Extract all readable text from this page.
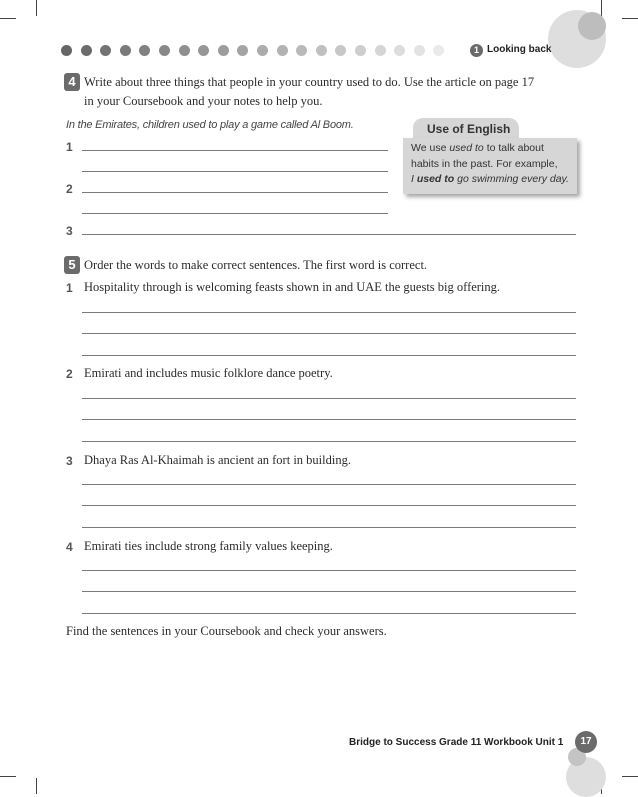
1 Looking back
4 Write about three things that people in your country used to do. Use the article on page 17
in your Coursebook and your notes to help you.
In the Emirates, children used to play a game called Al Boom.
1
2
3
Use of English
We use used to to talk about
habits in the past. For example,
I used to go swimming every day.
5 Order the words to make correct sentences. The first word is correct.
1 Hospitality through is welcoming feasts shown in and UAE the guests big offering.
2 Emirati and includes music folklore dance poetry.
3 Dhaya Ras Al-Khaimah is ancient an fort in building.
4 Emirati ties include strong family values keeping.
Find the sentences in your Coursebook and check your answers.
Bridge to Success Grade 11 Workbook Unit 1	17
